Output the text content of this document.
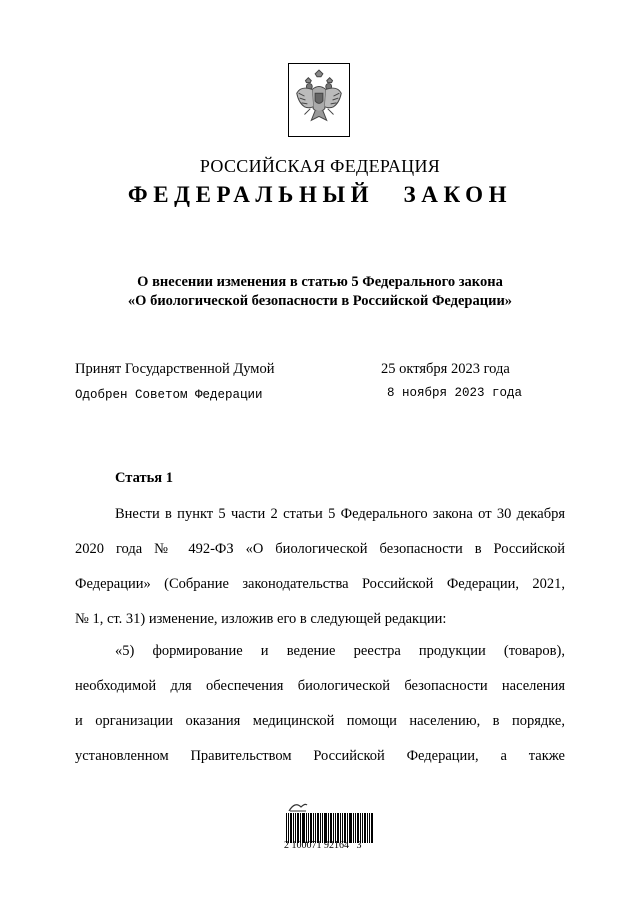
РОССИЙСКАЯ ФЕДЕРАЦИЯ
ФЕДЕРАЛЬНЫЙ ЗАКОН
О внесении изменения в статью 5 Федерального закона
«О биологической безопасности в Российской Федерации»
Принят Государственной Думой	25 октября 2023 года
Одобрен Советом Федерации	8 ноября 2023 года
Статья 1
Внести в пункт 5 части 2 статьи 5 Федерального закона от 30 декабря
2020 года № 492-ФЗ «О биологической безопасности в Российской
Федерации» (Собрание законодательства Российской Федерации, 2021,
№ 1, ст. 31) изменение, изложив его в следующей редакции:
«5) формирование и ведение реестра продукции (товаров),
необходимой для обеспечения биологической безопасности населения
и организации оказания медицинской помощи населению, в порядке,
установленном Правительством Российской Федерации, а также
2 100071 92164   3
